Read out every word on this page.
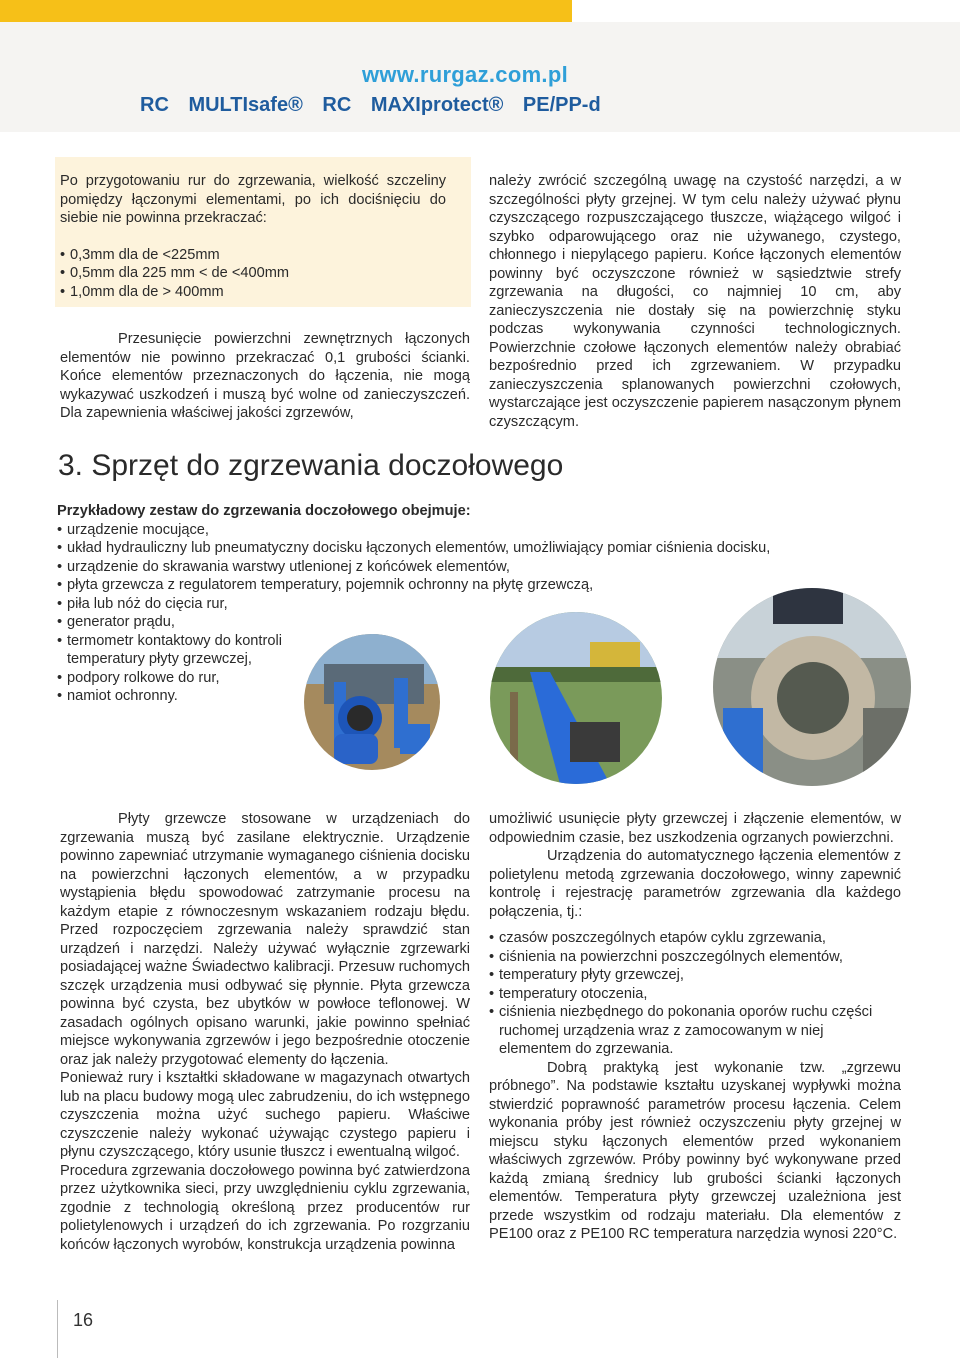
www.rurgaz.com.pl
RC MULTIsafe® RC MAXIprotect® PE/PP-d

Po przygotowaniu rur do zgrzewania, wielkość szczeliny pomiędzy łączonymi elementami, po ich dociśnięciu do siebie nie powinna przekraczać:

• 0,3mm dla de <225mm
• 0,5mm dla 225 mm < de <400mm
• 1,0mm dla de > 400mm

Przesunięcie powierzchni zewnętrznych łączonych elementów nie powinno przekraczać 0,1 grubości ścianki. Końce elementów przeznaczonych do łączenia, nie mogą wykazywać uszkodzeń i muszą być wolne od zanieczyszczeń. Dla zapewnienia właściwej jakości zgrzewów,

należy zwrócić szczególną uwagę na czystość narzędzi, a w szczególności płyty grzejnej. W tym celu należy używać płynu czyszczącego rozpuszczającego tłuszcze, wiążącego wilgoć i szybko odparowującego oraz nie używanego, czystego, chłonnego i niepylącego papieru. Końce łączonych elementów powinny być oczyszczone również w sąsiedztwie strefy zgrzewania na długości, co najmniej 10 cm, aby zanieczyszczenia nie dostały się na powierzchnię styku podczas wykonywania czynności technologicznych. Powierzchnie czołowe łączonych elementów należy obrabiać bezpośrednio przed ich zgrzewaniem. W przypadku zanieczyszczenia splanowanych powierzchni czołowych, wystarczające jest oczyszczenie papierem nasączonym płynem czyszczącym.

3. Sprzęt do zgrzewania doczołowego

Przykładowy zestaw do zgrzewania doczołowego obejmuje:

• urządzenie mocujące,
• układ hydrauliczny lub pneumatyczny docisku łączonych elementów, umożliwiający pomiar ciśnienia docisku,
• urządzenie do skrawania warstwy utlenionej z końcówek elementów,
• płyta grzewcza z regulatorem temperatury, pojemnik ochronny na płytę grzewczą,
• piła lub nóż do cięcia rur,
• generator prądu,
• termometr kontaktowy do kontroli temperatury płyty grzewczej,
• podpory rolkowe do rur,
• namiot ochronny.

Płyty grzewcze stosowane w urządzeniach do zgrzewania muszą być zasilane elektrycznie. Urządzenie powinno zapewniać utrzymanie wymaganego ciśnienia docisku na powierzchni łączonych elementów, a w przypadku wystąpienia błędu spowodować zatrzymanie procesu na każdym etapie z równoczesnym wskazaniem rodzaju błędu. Przed rozpoczęciem zgrzewania należy sprawdzić stan urządzeń i narzędzi. Należy używać wyłącznie zgrzewarki posiadającej ważne Świadectwo kalibracji. Przesuw ruchomych szczęk urządzenia musi odbywać się płynnie. Płyta grzewcza powinna być czysta, bez ubytków w powłoce teflonowej. W zasadach ogólnych opisano warunki, jakie powinno spełniać miejsce wykonywania zgrzewów i jego bezpośrednie otoczenie oraz jak należy przygotować elementy do łączenia.

Ponieważ rury i kształtki składowane w magazynach otwartych lub na placu budowy mogą ulec zabrudzeniu, do ich wstępnego czyszczenia można użyć suchego papieru. Właściwe czyszczenie należy wykonać używając czystego papieru i płynu czyszczącego, który usunie tłuszcz i ewentualną wilgoć.

Procedura zgrzewania doczołowego powinna być zatwierdzona przez użytkownika sieci, przy uwzględnieniu cyklu zgrzewania, zgodnie z technologią określoną przez producentów rur polietylenowych i urządzeń do ich zgrzewania. Po rozgrzaniu końców łączonych wyrobów, konstrukcja urządzenia powinna

umożliwić usunięcie płyty grzewczej i złączenie elementów, w odpowiednim czasie, bez uszkodzenia ogrzanych powierzchni.

Urządzenia do automatycznego łączenia elementów z polietylenu metodą zgrzewania doczołowego, winny zapewnić kontrolę i rejestrację parametrów zgrzewania dla każdego połączenia, tj.:

• czasów poszczególnych etapów cyklu zgrzewania,
• ciśnienia na powierzchni poszczególnych elementów,
• temperatury płyty grzewczej,
• temperatury otoczenia,
• ciśnienia niezbędnego do pokonania oporów ruchu części ruchomej urządzenia wraz z zamocowanym w niej elementem do zgrzewania.

Dobrą praktyką jest wykonanie tzw. „zgrzewu próbnego”. Na podstawie kształtu uzyskanej wypływki można stwierdzić poprawność parametrów procesu łączenia. Celem wykonania próby jest również oczyszczeniu płyty grzejnej w miejscu styku łączonych elementów przed wykonaniem właściwych zgrzewów. Próby powinny być wykonywane przed każdą zmianą średnicy lub grubości ścianki łączonych elementów. Temperatura płyty grzewczej uzależniona jest przede wszystkim od rodzaju materiału. Dla elementów z PE100 oraz z PE100 RC temperatura narzędzia wynosi 220°C.

16
